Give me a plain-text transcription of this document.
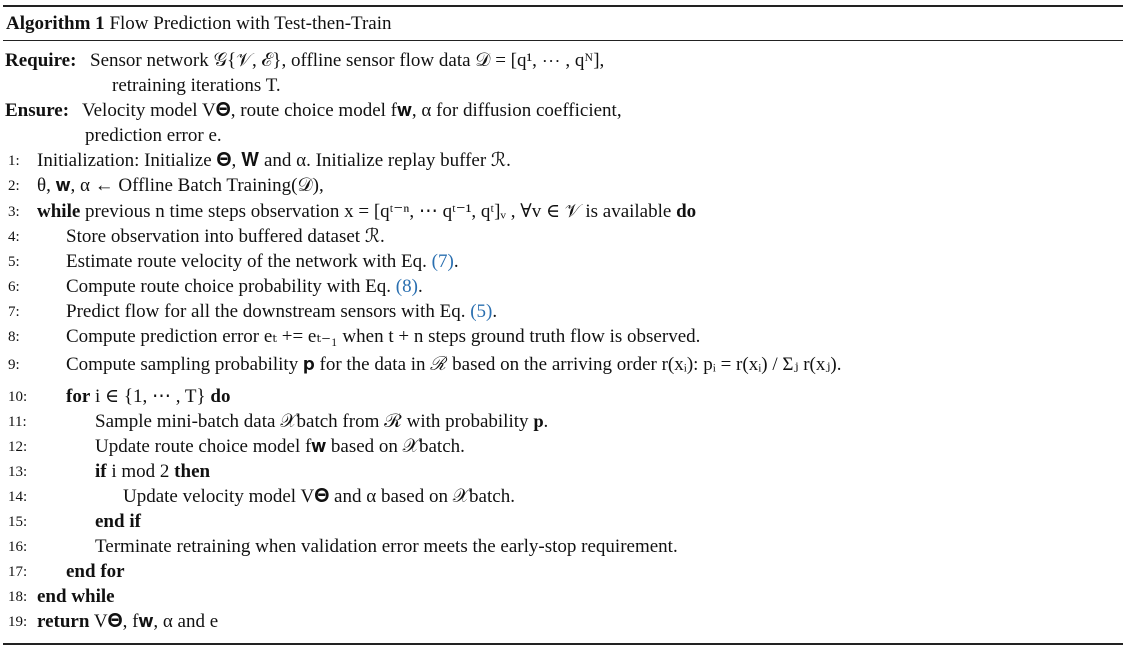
Algorithm 1 Flow Prediction with Test-then-Train
Require: Sensor network 𝒢{𝒱, ℰ}, offline sensor flow data 𝒟 = [q¹, ⋯ , qᴺ],
retraining iterations T.
Ensure: Velocity model V𝚯, route choice model f𝐰, α for diffusion coefficient,
prediction error e.
1: Initialization: Initialize 𝚯, 𝐖 and α. Initialize replay buffer ℛ.
2: θ, 𝐰, α ← Offline Batch Training(𝒟),
3: while previous n time steps observation x = [qᵗ⁻ⁿ, ⋯ qᵗ⁻¹, qᵗ]ᵥ , ∀v ∈ 𝒱 is available do
4: Store observation into buffered dataset ℛ.
5: Estimate route velocity of the network with Eq. (7).
6: Compute route choice probability with Eq. (8).
7: Predict flow for all the downstream sensors with Eq. (5).
8: Compute prediction error eₜ += eₜ₋₁ when t + n steps ground truth flow is observed.
9: Compute sampling probability 𝐩 for the data in ℛ based on the arriving order r(xᵢ): pᵢ = r(xᵢ) / Σⱼ r(xⱼ).
10: for i ∈ {1, ⋯ , T} do
11:	Sample mini-batch data 𝒳batch from ℛ with probability 𝐩.
12:	Update route choice model f𝐰 based on 𝒳batch.
13:	if i mod 2 then
14:	Update velocity model V𝚯 and α based on 𝒳batch.
15:	end if
16:	Terminate retraining when validation error meets the early-stop requirement.
17: end for
18: end while
19: return V𝚯, f𝐰, α and e
